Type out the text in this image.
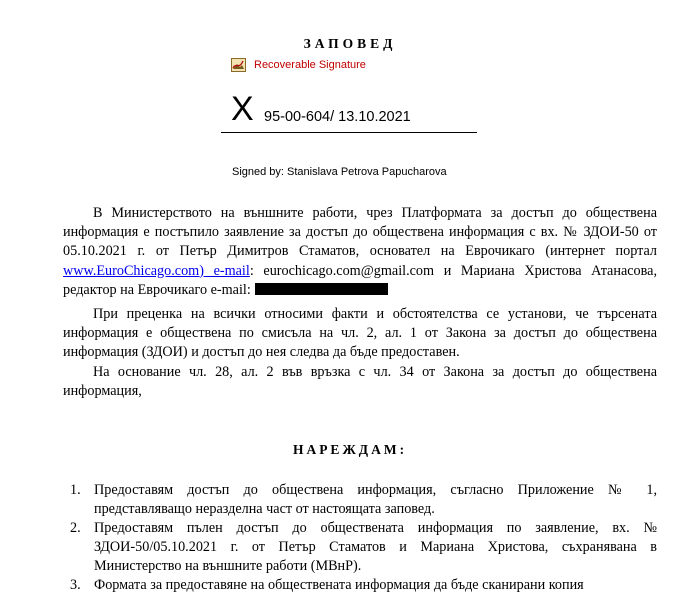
ЗАПОВЕД
Recoverable Signature
X 95-00-604/ 13.10.2021
Signed by: Stanislava Petrova Papucharova

В Министерството на външните работи, чрез Платформата за достъп до обществена информация е постъпило заявление за достъп до обществена информация с вх. № ЗДОИ-50 от 05.10.2021 г. от Петър Димитров Стаматов, основател на Еврочикаго (интернет портал www.EuroChicago.com) e-mail: eurochicago.com@gmail.com и Мариана Христова Атанасова, редактор на Еврочикаго e-mail:

При преценка на всички относими факти и обстоятелства се установи, че търсената информация е обществена по смисъла на чл. 2, ал. 1 от Закона за достъп до обществена информация (ЗДОИ) и достъп до нея следва да бъде предоставен.

На основание чл. 28, ал. 2 във връзка с чл. 34 от Закона за достъп до обществена информация,

НАРЕЖДАМ:
1. Предоставям достъп до обществена информация, съгласно Приложение № 1, представляващо неразделна част от настоящата заповед.
2. Предоставям пълен достъп до обществената информация по заявление, вх. № ЗДОИ-50/05.10.2021 г. от Петър Стаматов и Мариана Христова, съхранявана в Министерство на външните работи (МВнР).
3. Формата за предоставяне на обществената информация да бъде сканирани копия
